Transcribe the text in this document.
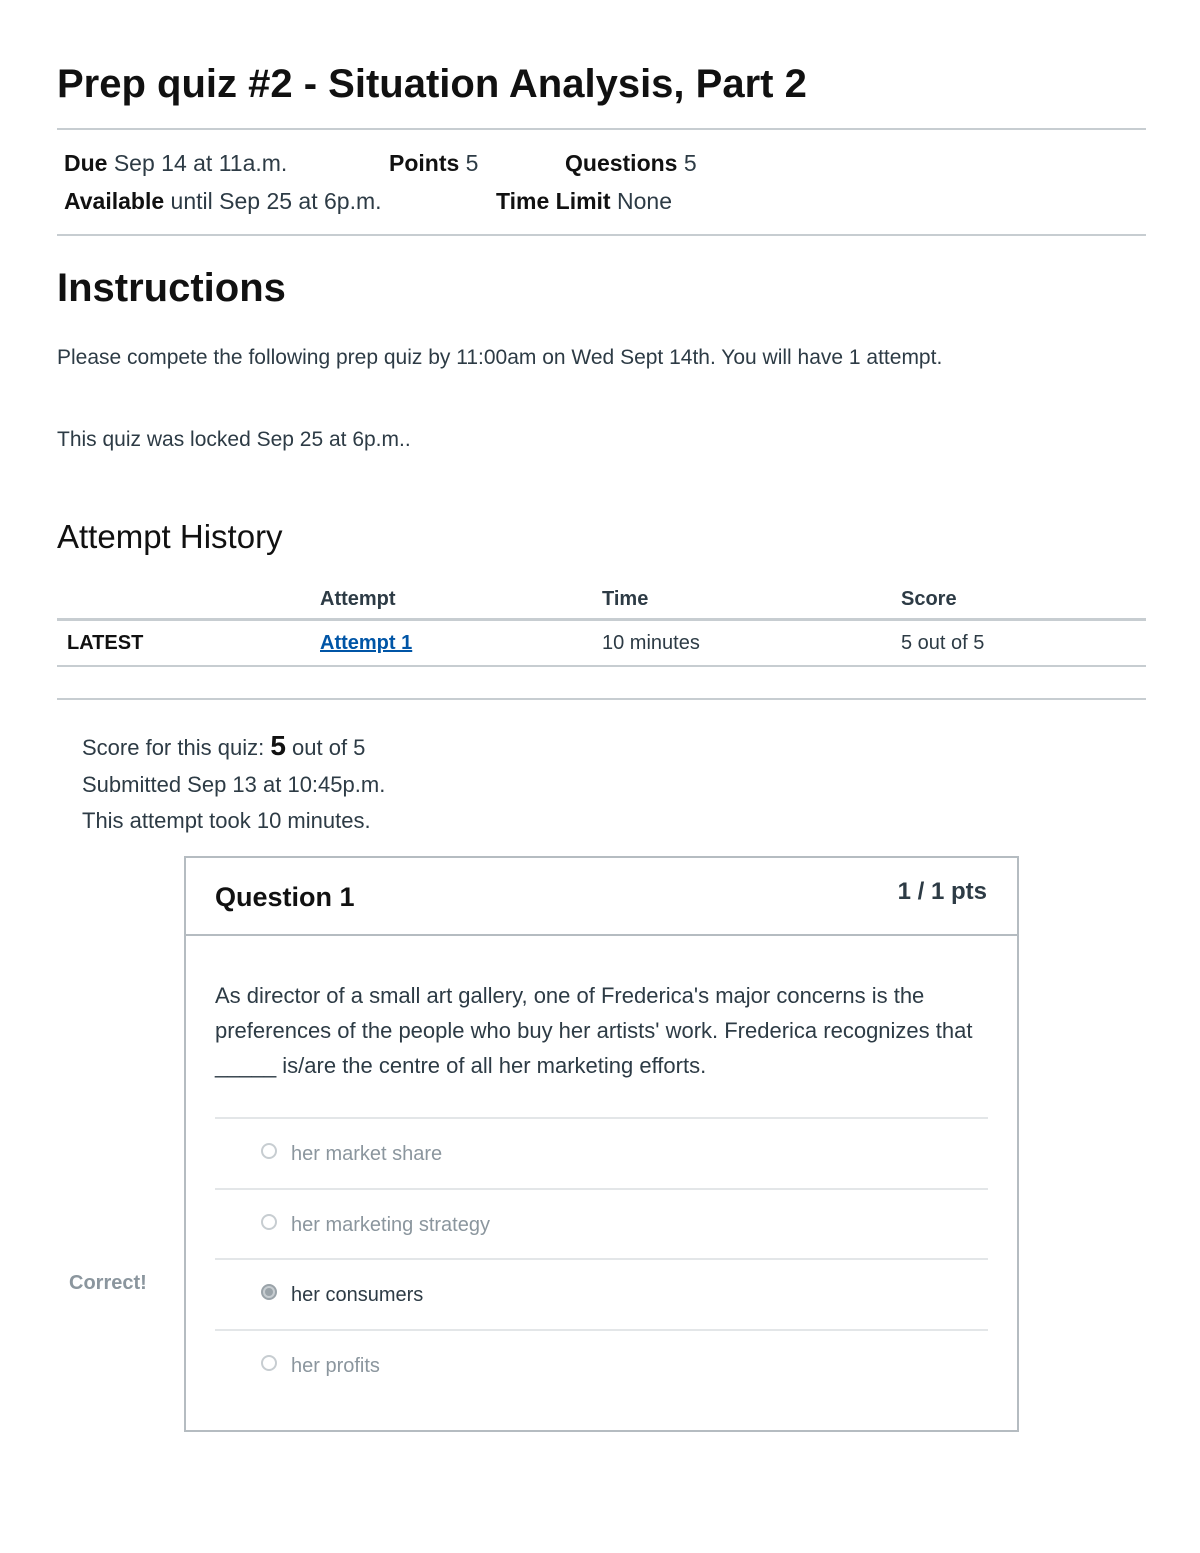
Prep quiz #2 - Situation Analysis, Part 2
Due Sep 14 at 11a.m.	Points 5	Questions 5
Available until Sep 25 at 6p.m.	Time Limit None
Instructions
Please compete the following prep quiz by 11:00am on Wed Sept 14th. You will have 1 attempt.
This quiz was locked Sep 25 at 6p.m..
Attempt History
	Attempt	Time	Score
LATEST	Attempt 1	10 minutes	5 out of 5
Score for this quiz: 5 out of 5
Submitted Sep 13 at 10:45p.m.
This attempt took 10 minutes.
Correct!
Question 1	1 / 1 pts
As director of a small art gallery, one of Frederica's major concerns is the preferences of the people who buy her artists' work. Frederica recognizes that _____ is/are the centre of all her marketing efforts.
her market share
her marketing strategy
her consumers
her profits
